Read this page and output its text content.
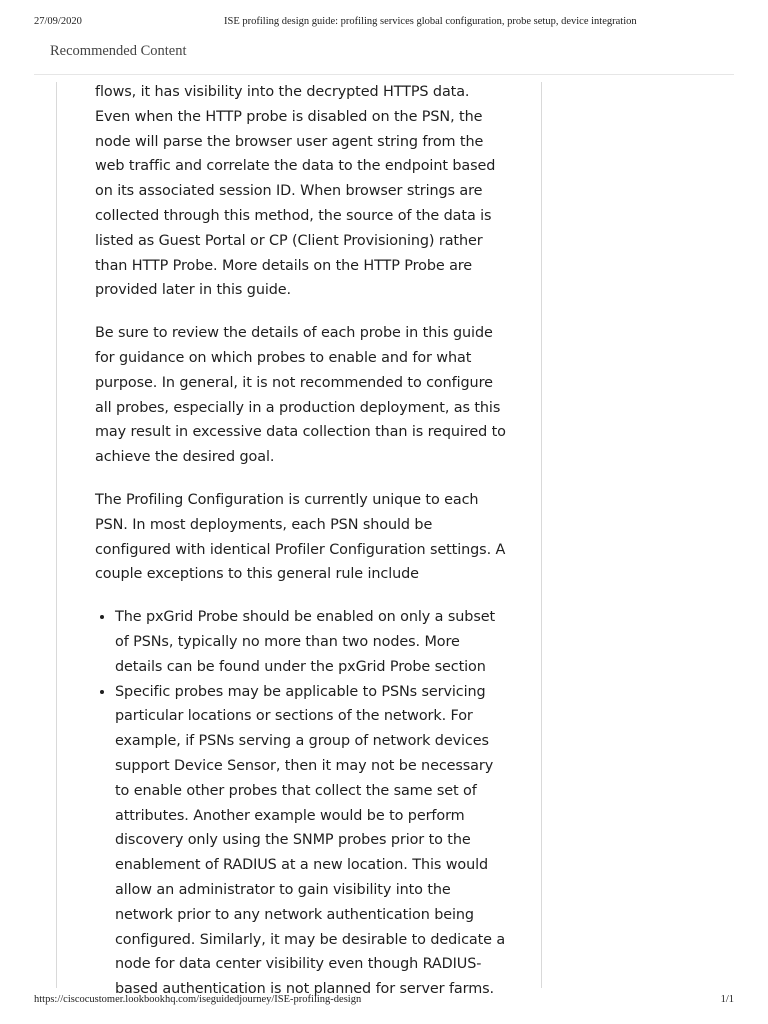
27/09/2020	ISE profiling design guide: profiling services global configuration, probe setup, device integration
Recommended Content

flows, it has visibility into the decrypted HTTPS data. Even when the HTTP probe is disabled on the PSN, the node will parse the browser user agent string from the web traffic and correlate the data to the endpoint based on its associated session ID. When browser strings are collected through this method, the source of the data is listed as Guest Portal or CP (Client Provisioning) rather than HTTP Probe. More details on the HTTP Probe are provided later in this guide.

Be sure to review the details of each probe in this guide for guidance on which probes to enable and for what purpose. In general, it is not recommended to configure all probes, especially in a production deployment, as this may result in excessive data collection than is required to achieve the desired goal.

The Profiling Configuration is currently unique to each PSN. In most deployments, each PSN should be configured with identical Profiler Configuration settings. A couple exceptions to this general rule include

• The pxGrid Probe should be enabled on only a subset of PSNs, typically no more than two nodes. More details can be found under the pxGrid Probe section
• Specific probes may be applicable to PSNs servicing particular locations or sections of the network. For example, if PSNs serving a group of network devices support Device Sensor, then it may not be necessary to enable other probes that collect the same set of attributes. Another example would be to perform discovery only using the SNMP probes prior to the enablement of RADIUS at a new location. This would allow an administrator to gain visibility into the network prior to any network authentication being configured. Similarly, it may be desirable to dedicate a node for data center visibility even though RADIUS-based authentication is not planned for server farms.
https://ciscocustomer.lookbookhq.com/iseguidedjourney/ISE-profiling-design	1/1
